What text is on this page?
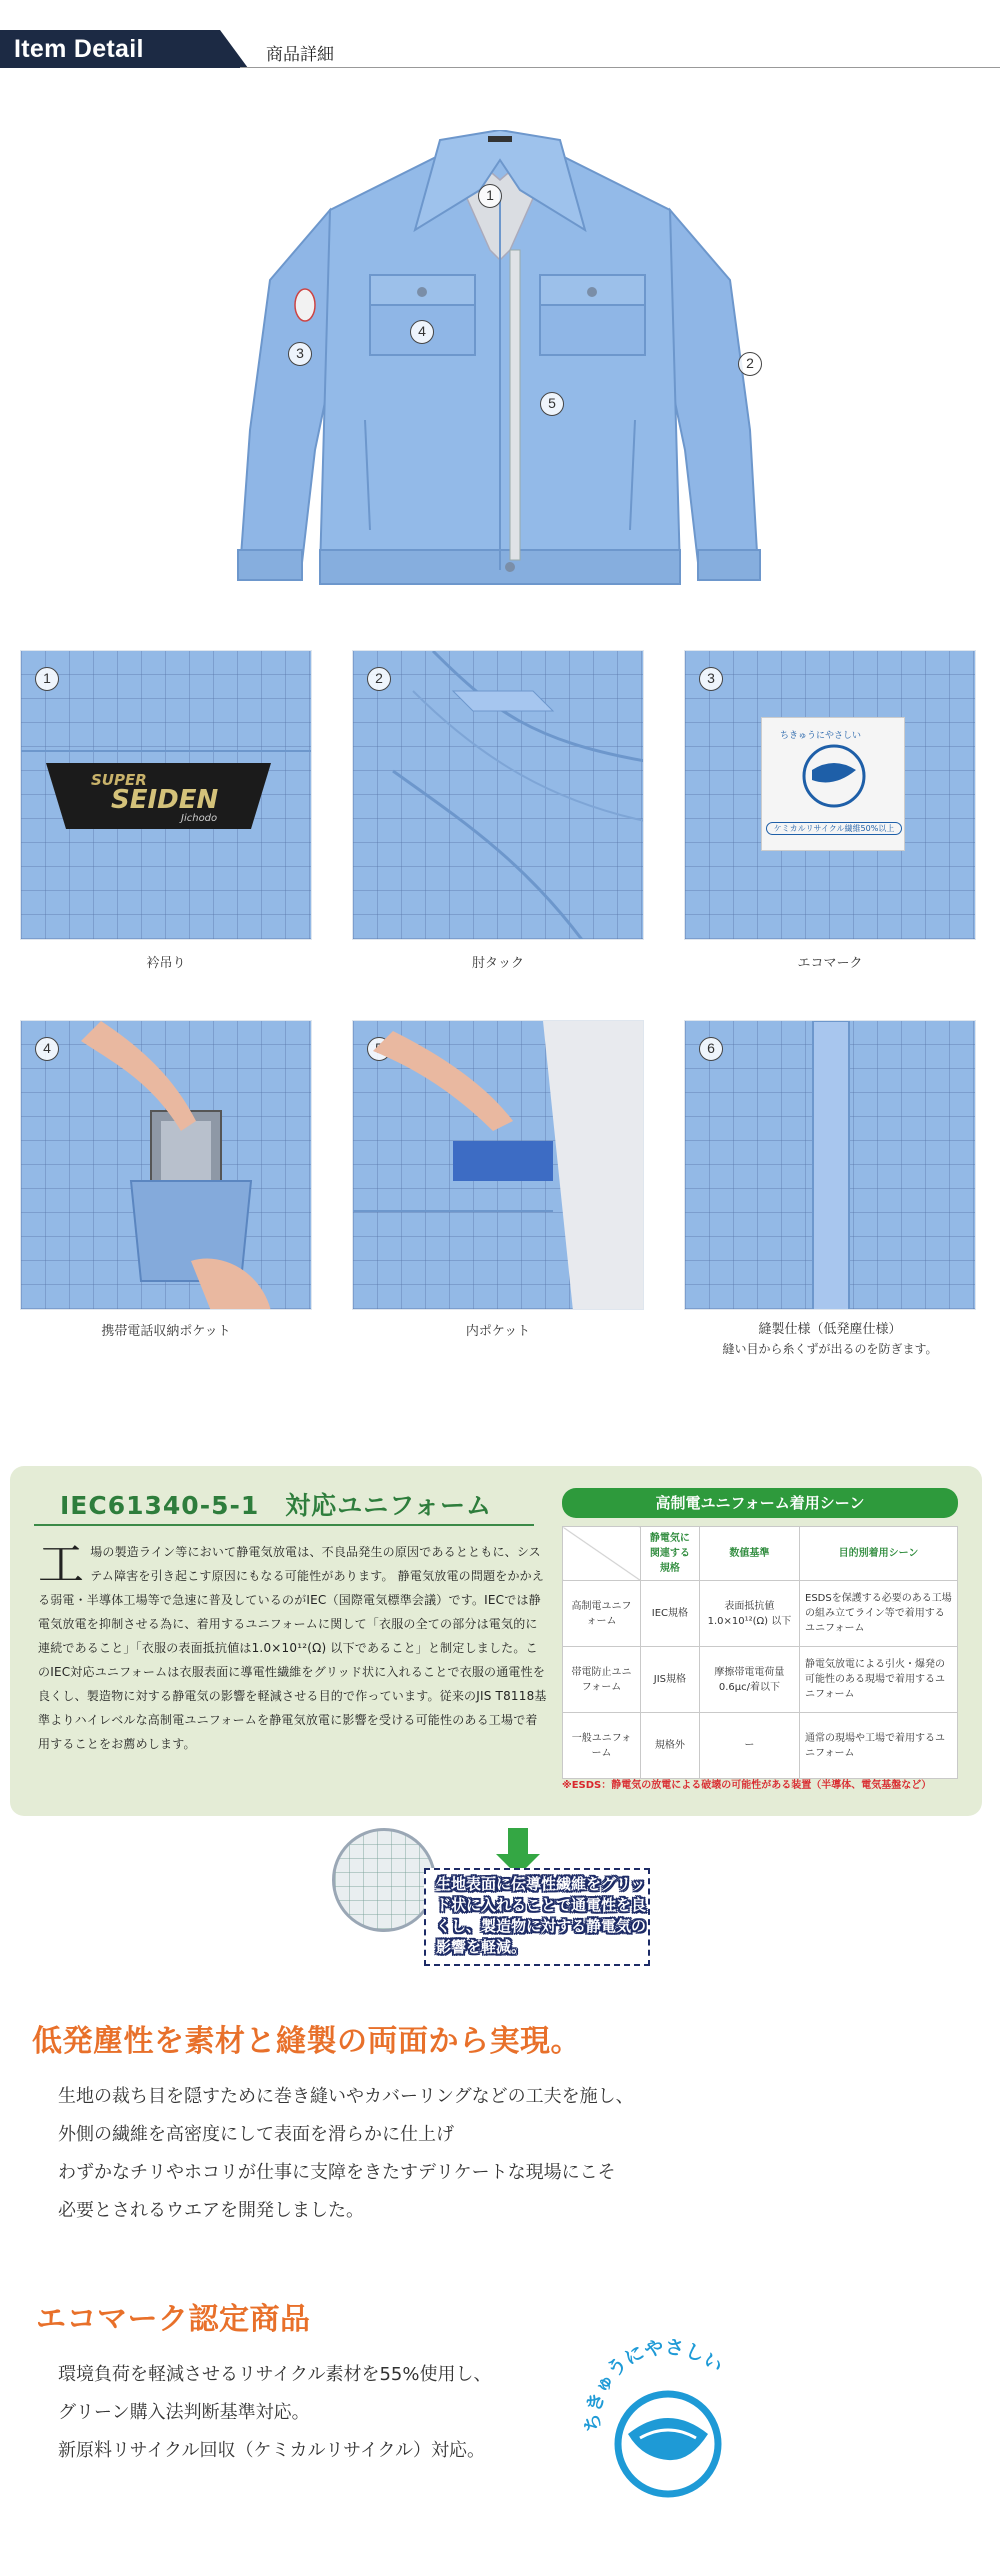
Item Detail	商品詳細
1
2
3
4
5
1
SUPER
SEIDEN
Jichodo
衿吊り
2
肘タック
3
ちきゅうにやさしい
ケミカルリサイクル繊維50%以上
エコマーク
4
携帯電話収納ポケット	内ポケット
6
縫製仕様（低発塵仕様）
縫い目から糸くずが出るのを防ぎます。
IEC61340-5-1　対応ユニフォーム
工 場の製造ライン等において静電気放電は、不良品発生の原因であるとともに、システム障害を引き起こす原因にもなる可能性があります。 静電気放電の問題をかかえる弱電・半導体工場等で急速に普及しているのがIEC（国際電気標準会議）です。IECでは静電気放電を抑制させる為に、着用するユニフォームに関して「衣服の全ての部分は電気的に連続であること」「衣服の表面抵抗値は1.0×10¹²(Ω) 以下であること」と制定しました。このIEC対応ユニフォームは衣服表面に導電性繊維をグリッド状に入れることで衣服の通電性を良くし、製造物に対する静電気の影響を軽減させる目的で作っています。従来のJIS T8118基準よりハイレベルな高制電ユニフォームを静電気放電に影響を受ける可能性のある工場で着用することをお薦めします。
高制電ユニフォーム着用シーン
	静電気に関連する規格	数値基準	目的別着用シーン
高制電ユニフォーム	IEC規格	表面抵抗値 1.0×10¹²(Ω) 以下	ESDSを保護する必要のある工場の組み立てライン等で着用するユニフォーム
帯電防止ユニフォーム	JIS規格	摩擦帯電電荷量 0.6μc/着以下	静電気放電による引火・爆発の可能性のある現場で着用するユニフォーム
一般ユニフォーム	規格外	ー	通常の現場や工場で着用するユニフォーム
※ESDS：静電気の放電による破壊の可能性がある装置（半導体、電気基盤など）
生地表面に伝導性繊維をグリッド状に入れることで通電性を良くし、製造物に対する静電気の影響を軽減。
低発塵性を素材と縫製の両面から実現。
生地の裁ち目を隠すために巻き縫いやカバーリングなどの工夫を施し、
外側の繊維を高密度にして表面を滑らかに仕上げ
わずかなチリやホコリが仕事に支障をきたすデリケートな現場にこそ
必要とされるウエアを開発しました。
エコマーク認定商品
環境負荷を軽減させるリサイクル素材を55%使用し、
グリーン購入法判断基準対応。
新原料リサイクル回収（ケミカルリサイクル）対応。
ちきゅうにやさしい
